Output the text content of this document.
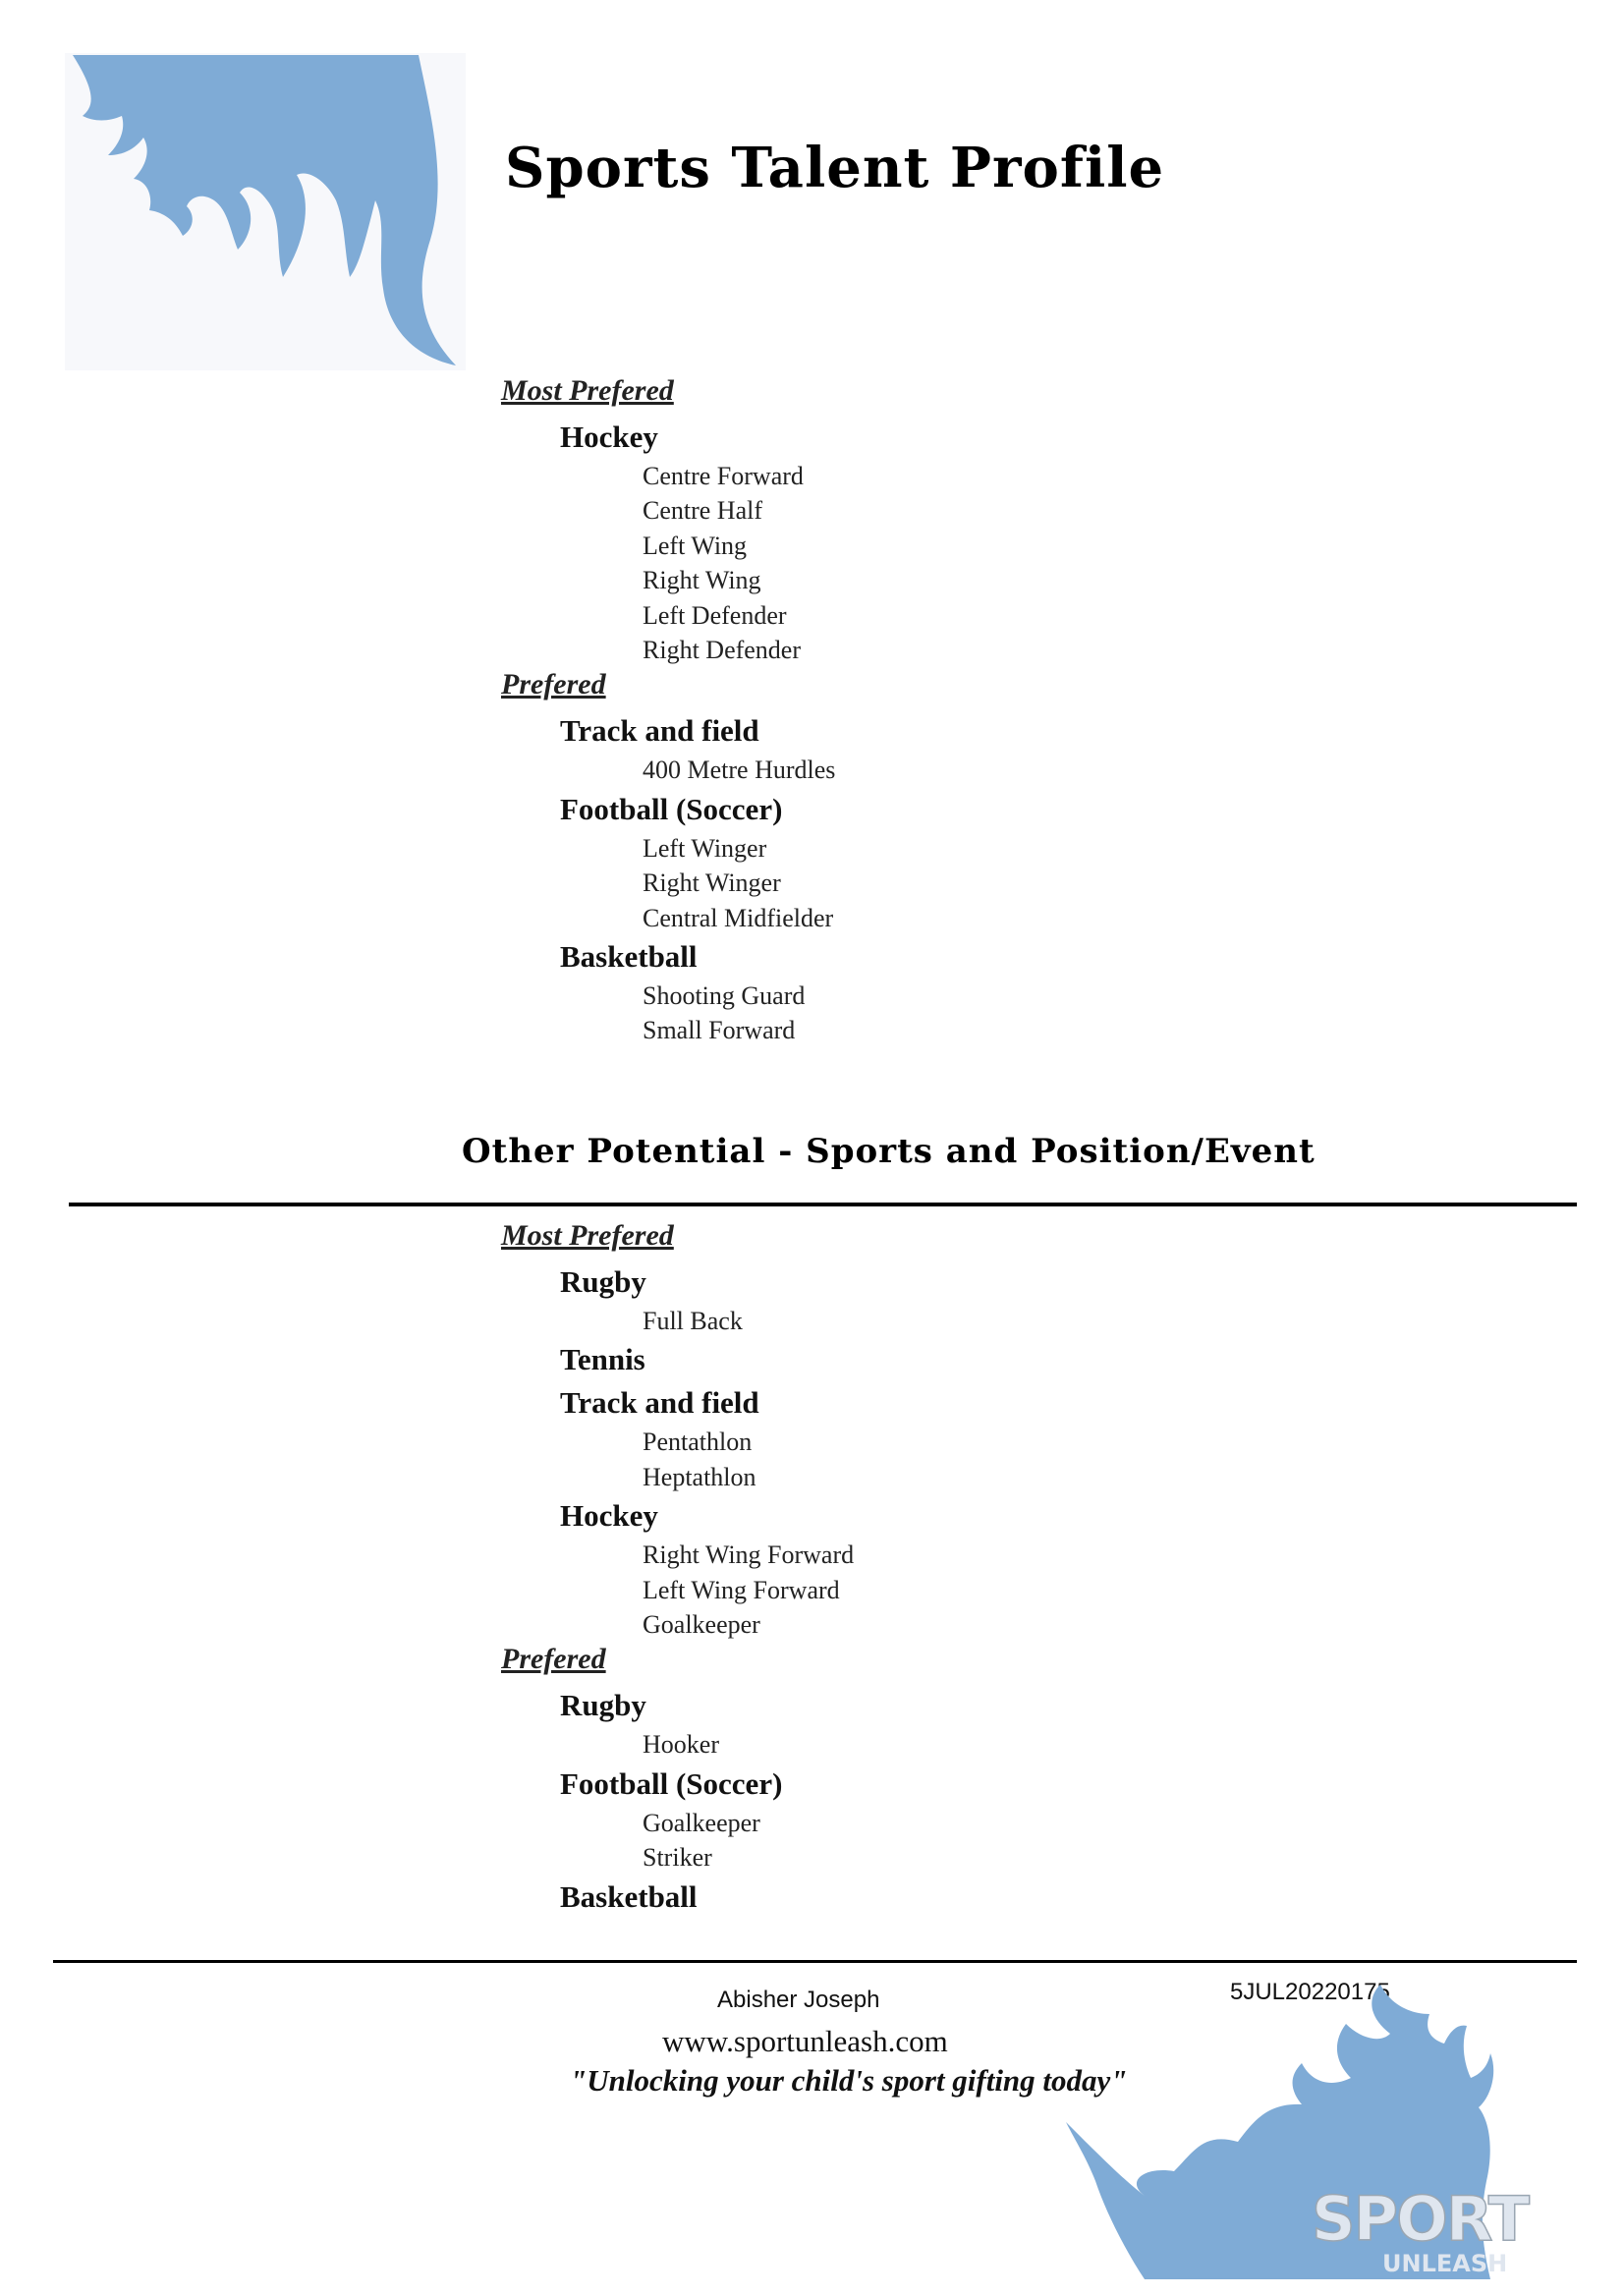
Sports Talent Profile
Most Prefered
Hockey
Centre Forward
Centre Half
Left Wing
Right Wing
Left Defender
Right Defender
Prefered
Track and field
400 Metre Hurdles
Football (Soccer)
Left Winger
Right Winger
Central Midfielder
Basketball
Shooting Guard
Small Forward
Other Potential - Sports and Position/Event
Most Prefered
Rugby
Full Back
Tennis
Track and field
Pentathlon
Heptathlon
Hockey
Right Wing Forward
Left Wing Forward
Goalkeeper
Prefered
Rugby
Hooker
Football (Soccer)
Goalkeeper
Striker
Basketball
Abisher Joseph	5JUL20220175
www.sportunleash.com
"Unlocking your child's sport gifting today"
SPORT
UNLEASH
